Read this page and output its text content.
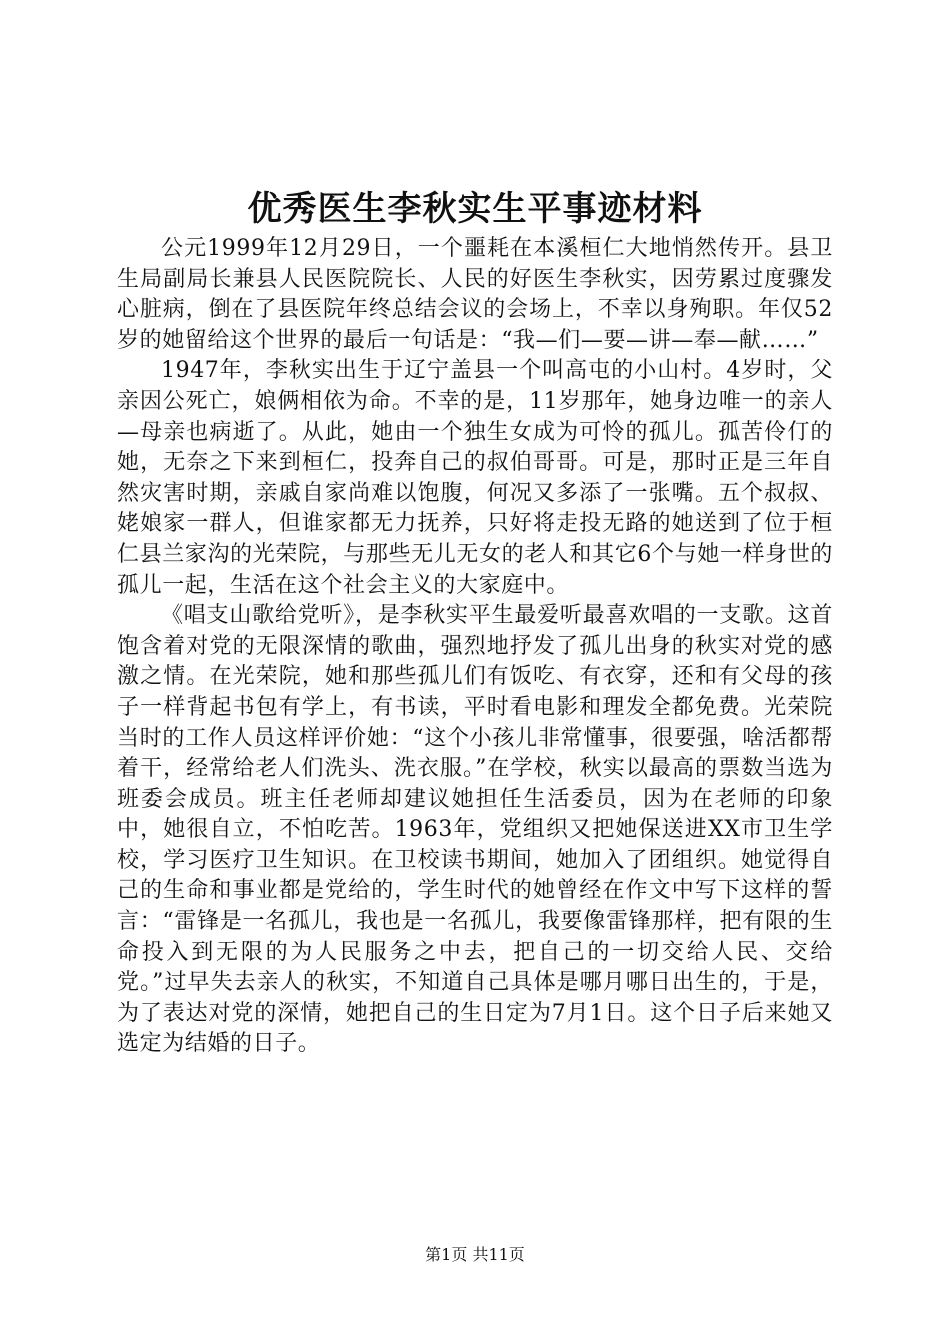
优秀医生李秋实生平事迹材料

公元1999年12月29日，一个噩耗在本溪桓仁大地悄然传开。县卫生局副局长兼县人民医院院长、人民的好医生李秋实，因劳累过度骤发心脏病，倒在了县医院年终总结会议的会场上，不幸以身殉职。年仅52岁的她留给这个世界的最后一句话是：“我—们—要—讲—奉—献……”

1947年，李秋实出生于辽宁盖县一个叫高屯的小山村。4岁时，父亲因公死亡，娘俩相依为命。不幸的是，11岁那年，她身边唯一的亲人—母亲也病逝了。从此，她由一个独生女成为可怜的孤儿。孤苦伶仃的她，无奈之下来到桓仁，投奔自己的叔伯哥哥。可是，那时正是三年自然灾害时期，亲戚自家尚难以饱腹，何况又多添了一张嘴。五个叔叔、姥娘家一群人，但谁家都无力抚养，只好将走投无路的她送到了位于桓仁县兰家沟的光荣院，与那些无儿无女的老人和其它6个与她一样身世的孤儿一起，生活在这个社会主义的大家庭中。

《唱支山歌给党听》，是李秋实平生最爱听最喜欢唱的一支歌。这首饱含着对党的无限深情的歌曲，强烈地抒发了孤儿出身的秋实对党的感激之情。在光荣院，她和那些孤儿们有饭吃、有衣穿，还和有父母的孩子一样背起书包有学上，有书读，平时看电影和理发全都免费。光荣院当时的工作人员这样评价她：“这个小孩儿非常懂事，很要强，啥活都帮着干，经常给老人们洗头、洗衣服。”在学校，秋实以最高的票数当选为班委会成员。班主任老师却建议她担任生活委员，因为在老师的印象中，她很自立，不怕吃苦。1963年，党组织又把她保送进XX市卫生学校，学习医疗卫生知识。在卫校读书期间，她加入了团组织。她觉得自己的生命和事业都是党给的，学生时代的她曾经在作文中写下这样的誓言：“雷锋是一名孤儿，我也是一名孤儿，我要像雷锋那样，把有限的生命投入到无限的为人民服务之中去，把自己的一切交给人民、交给党。”过早失去亲人的秋实，不知道自己具体是哪月哪日出生的，于是，为了表达对党的深情，她把自己的生日定为7月1日。这个日子后来她又选定为结婚的日子。

第1页 共11页
